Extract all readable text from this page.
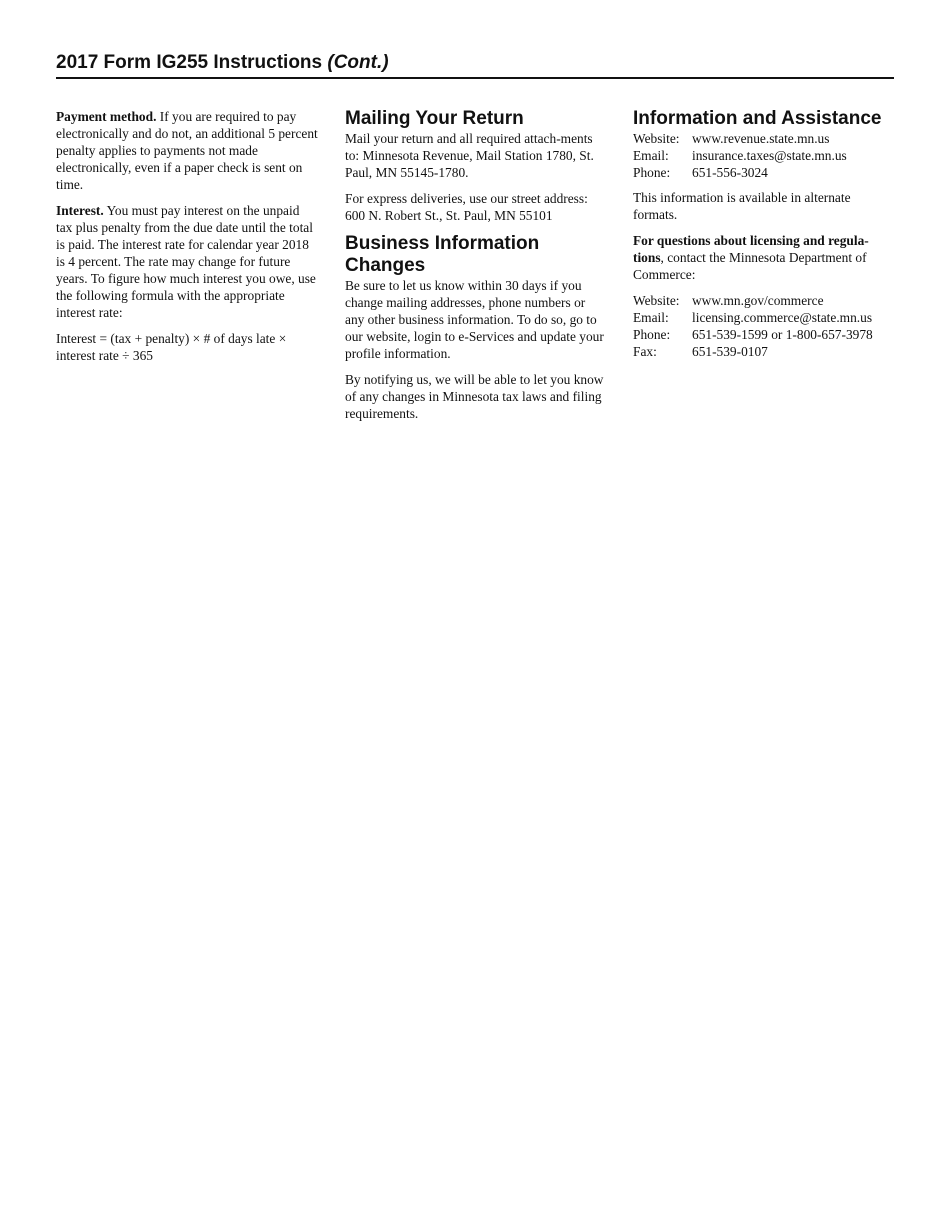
2017 Form IG255 Instructions (Cont.)

Payment method. If you are required to pay electronically and do not, an additional 5 percent penalty applies to payments not made electronically, even if a paper check is sent on time.

Interest. You must pay interest on the unpaid tax plus penalty from the due date until the total is paid. The interest rate for calendar year 2018 is 4 percent. The rate may change for future years. To figure how much interest you owe, use the following formula with the appropriate interest rate:

Interest = (tax + penalty) × # of days late × interest rate ÷ 365

Mailing Your Return

Mail your return and all required attach-ments to: Minnesota Revenue, Mail Station 1780, St. Paul, MN 55145-1780.

For express deliveries, use our street address: 600 N. Robert St., St. Paul, MN 55101

Business Information Changes

Be sure to let us know within 30 days if you change mailing addresses, phone numbers or any other business information. To do so, go to our website, login to e-Services and update your profile information.

By notifying us, we will be able to let you know of any changes in Minnesota tax laws and filing requirements.

Information and Assistance
Website:	www.revenue.state.mn.us
Email:	insurance.taxes@state.mn.us
Phone:	651-556-3024

This information is available in alternate formats.

For questions about licensing and regula-tions, contact the Minnesota Department of Commerce:

Website:	www.mn.gov/commerce
Email:	licensing.commerce@state.mn.us
Phone:	651-539-1599 or 1-800-657-3978
Fax:	651-539-0107
